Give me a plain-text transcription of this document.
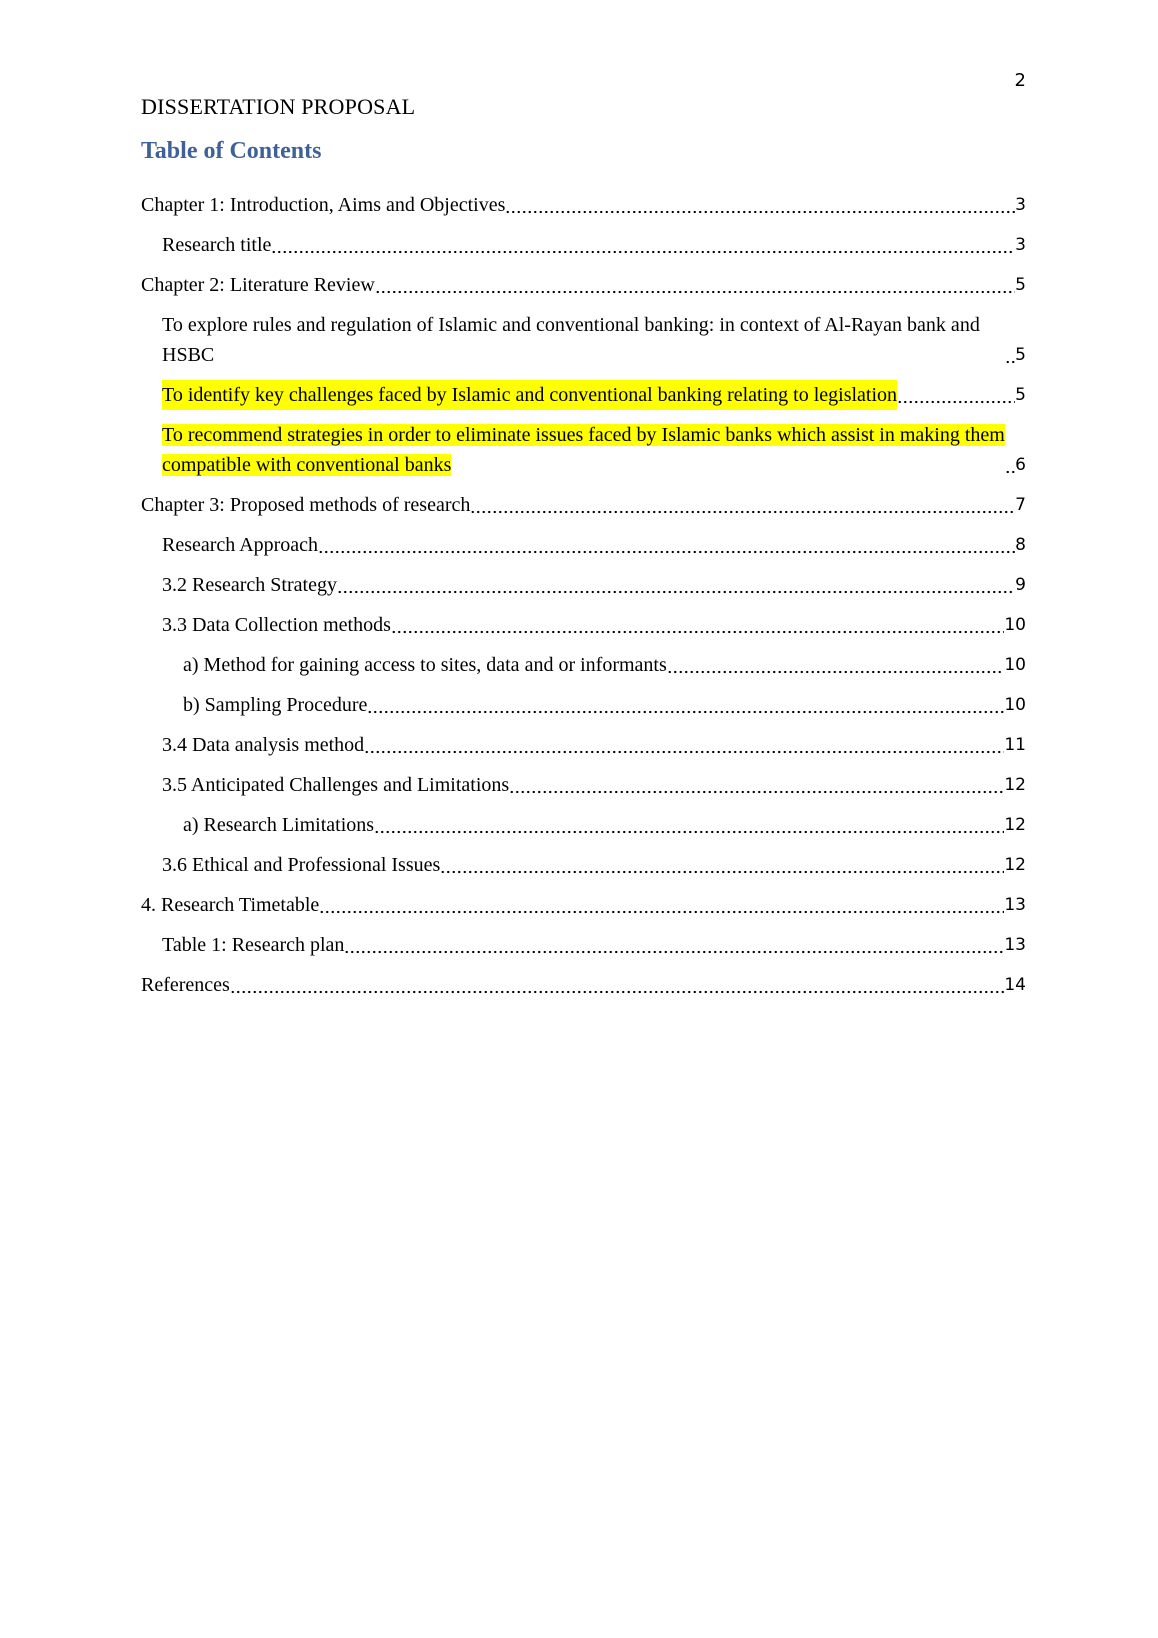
2
DISSERTATION PROPOSAL
Table of Contents
Chapter 1: Introduction, Aims and Objectives	3
Research title	3
Chapter 2: Literature Review	5
To explore rules and regulation of Islamic and conventional banking: in context of Al-Rayan bank and HSBC	5
To identify key challenges faced by Islamic and conventional banking relating to legislation	5
To recommend strategies in order to eliminate issues faced by Islamic banks which assist in making them compatible with conventional banks	6
Chapter 3: Proposed methods of research	7
Research Approach	8
3.2 Research Strategy	9
3.3 Data Collection methods	10
a) Method for gaining access to sites, data and or informants	10
b) Sampling Procedure	10
3.4 Data analysis method	11
3.5 Anticipated Challenges and Limitations	12
a) Research Limitations	12
3.6 Ethical and Professional Issues	12
4. Research Timetable	13
Table 1: Research plan	13
References	14
